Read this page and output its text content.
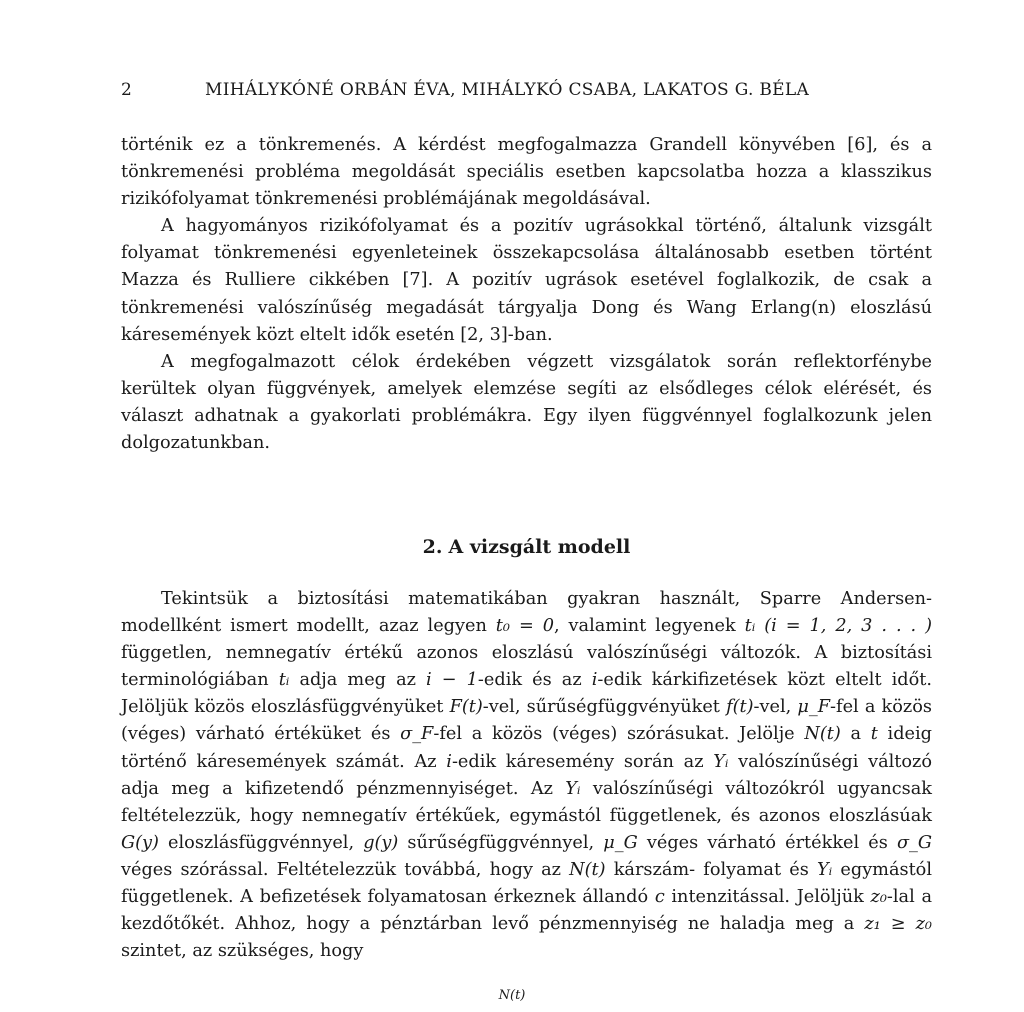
2	MIHÁLYKÓNÉ ORBÁN ÉVA, MIHÁLYKÓ CSABA, LAKATOS G. BÉLA

történik ez a tönkremenés. A kérdést megfogalmazza Grandell könyvében [6], és a tönkremenési probléma megoldását speciális esetben kapcsolatba hozza a klasszikus rizikófolyamat tönkremenési problémájának megoldásával.

A hagyományos rizikófolyamat és a pozitív ugrásokkal történő, általunk vizsgált folyamat tönkremenési egyenleteinek összekapcsolása általánosabb esetben történt Mazza és Rulliere cikkében [7]. A pozitív ugrások esetével foglalkozik, de csak a tönkremenési valószínűség megadását tárgyalja Dong és Wang Erlang(n) eloszlású káresemények közt eltelt idők esetén [2, 3]-ban.

A megfogalmazott célok érdekében végzett vizsgálatok során reflektorfénybe kerültek olyan függvények, amelyek elemzése segíti az elsődleges célok elérését, és választ adhatnak a gyakorlati problémákra. Egy ilyen függvénnyel foglalkozunk jelen dolgozatunkban.

2. A vizsgált modell

Tekintsük a biztosítási matematikában gyakran használt, Sparre Andersen-modellként ismert modellt, azaz legyen t₀ = 0, valamint legyenek tᵢ (i = 1, 2, 3 . . . ) független, nemnegatív értékű azonos eloszlású valószínűségi változók. A biztosítási terminológiában tᵢ adja meg az i − 1-edik és az i-edik kárkifizetések közt eltelt időt. Jelöljük közös eloszlásfüggvényüket F(t)-vel, sűrűségfüggvényüket f(t)-vel, μ_F-fel a közös (véges) várható értéküket és σ_F-fel a közös (véges) szórásukat. Jelölje N(t) a t ideig történő káresemények számát. Az i-edik káresemény során az Yᵢ valószínűségi változó adja meg a kifizetendő pénzmennyiséget. Az Yᵢ valószínűségi változókról ugyancsak feltételezzük, hogy nemnegatív értékűek, egymástól függetlenek, és azonos eloszlásúak G(y) eloszlásfüggvénnyel, g(y) sűrűségfüggvénnyel, μ_G véges várható értékkel és σ_G véges szórással. Feltételezzük továbbá, hogy az N(t) kárszám- folyamat és Yᵢ egymástól függetlenek. A befizetések folyamatosan érkeznek állandó c intenzitással. Jelöljük z₀-lal a kezdőtőkét. Ahhoz, hogy a pénztárban levő pénzmennyiség ne haladja meg a z₁ ≥ z₀ szintet, az szükséges, hogy

N(t)
